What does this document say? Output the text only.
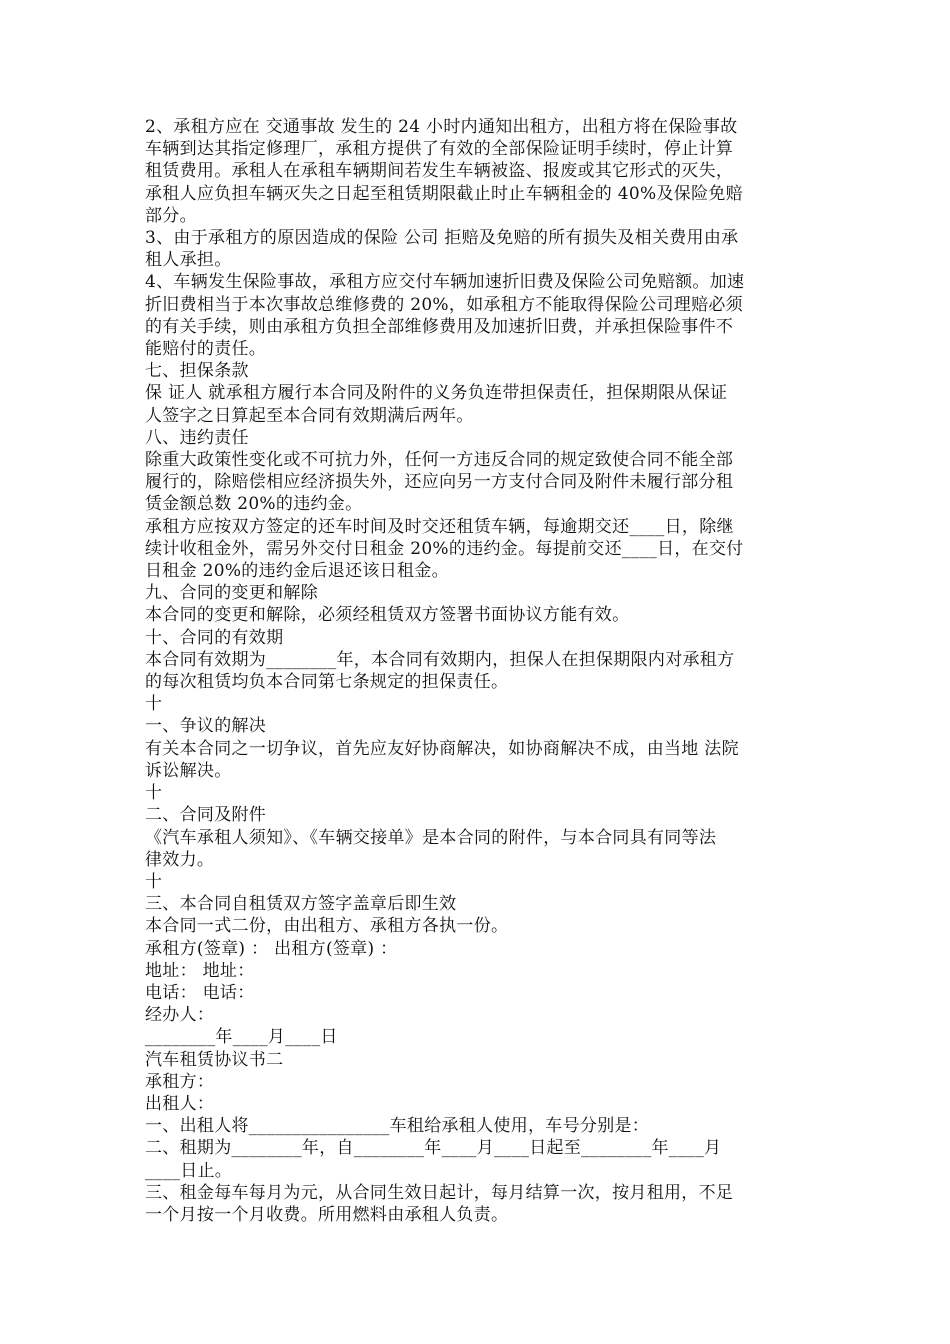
2、承租方应在 交通事故 发生的 24 小时内通知出租方，出租方将在保险事故

车辆到达其指定修理厂，承租方提供了有效的全部保险证明手续时，停止计算

租赁费用。承租人在承租车辆期间若发生车辆被盗、报废或其它形式的灭失，

承租人应负担车辆灭失之日起至租赁期限截止时止车辆租金的 40%及保险免赔

部分。

3、由于承租方的原因造成的保险 公司 拒赔及免赔的所有损失及相关费用由承

租人承担。

4、车辆发生保险事故，承租方应交付车辆加速折旧费及保险公司免赔额。加速

折旧费相当于本次事故总维修费的 20%，如承租方不能取得保险公司理赔必须

的有关手续，则由承租方负担全部维修费用及加速折旧费，并承担保险事件不

能赔付的责任。

七、担保条款

保 证人 就承租方履行本合同及附件的义务负连带担保责任，担保期限从保证

人签字之日算起至本合同有效期满后两年。

八、违约责任

除重大政策性变化或不可抗力外，任何一方违反合同的规定致使合同不能全部

履行的，除赔偿相应经济损失外，还应向另一方支付合同及附件未履行部分租

赁金额总数 20%的违约金。

承租方应按双方签定的还车时间及时交还租赁车辆，每逾期交还____日，除继

续计收租金外，需另外交付日租金 20%的违约金。每提前交还____日，在交付

日租金 20%的违约金后退还该日租金。

九、合同的变更和解除

本合同的变更和解除，必须经租赁双方签署书面协议方能有效。

十、合同的有效期

本合同有效期为________年，本合同有效期内，担保人在担保期限内对承租方

的每次租赁均负本合同第七条规定的担保责任。

十

一、争议的解决

有关本合同之一切争议，首先应友好协商解决，如协商解决不成，由当地 法院

诉讼解决。

十

二、合同及附件

《汽车承租人须知》、《车辆交接单》是本合同的附件，与本合同具有同等法

律效力。

十

三、本合同自租赁双方签字盖章后即生效

本合同一式二份，由出租方、承租方各执一份。

承租方(签章) ： 出租方(签章) ：

地址： 地址：

电话： 电话：

经办人：

________年____月____日

汽车租赁协议书二

承租方：

出租人：

一、出租人将________________车租给承租人使用，车号分别是：

二、租期为________年，自________年____月____日起至________年____月

____日止。

三、租金每车每月为元，从合同生效日起计，每月结算一次，按月租用，不足

一个月按一个月收费。所用燃料由承租人负责。
